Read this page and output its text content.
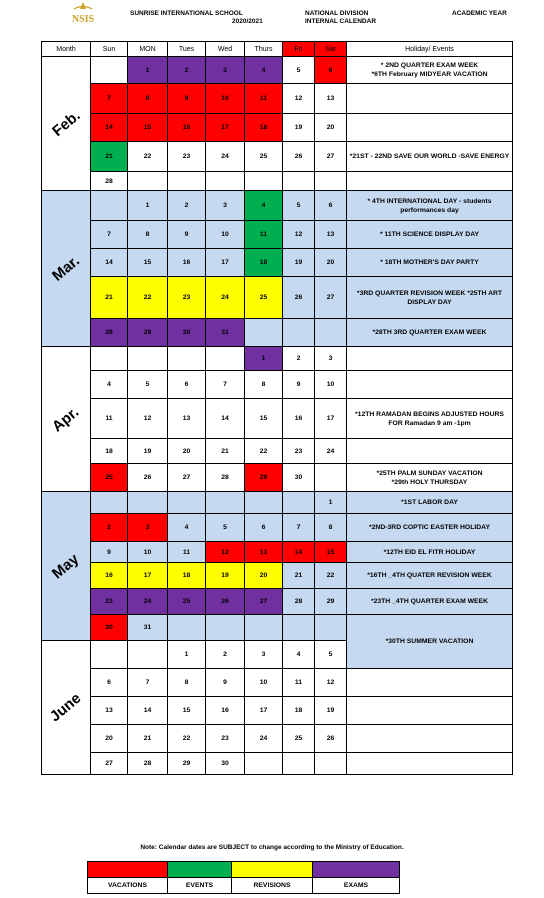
NSIS
SUNRISE INTERNATIONAL SCHOOL
2020/2021
NATIONAL DIVISION
INTERNAL CALENDAR
ACADEMIC YEAR
Month	Sun	MON	Tues	Wed	Thurs	Fri	Sat	Holiday/ Events
Feb.		1	2	3	4	5	6	* 2ND QUARTER EXAM WEEK
*6TH February MIDYEAR VACATION
	7	8	9	10	11	12	13	
	14	15	16	17	18	19	20	
	21	22	23	24	25	26	27	*21ST - 22ND SAVE OUR WORLD -SAVE ENERGY
	28							
Mar.		1	2	3	4	5	6	* 4TH INTERNATIONAL DAY - students performances day
	7	8	9	10	11	12	13	* 11TH SCIENCE DISPLAY DAY
	14	15	16	17	18	19	20	* 18TH MOTHER'S DAY PARTY
	21	22	23	24	25	26	27	*3RD QUARTER REVISION WEEK *25TH ART DISPLAY DAY
	28	29	30	31				*28TH 3RD QUARTER EXAM WEEK
Apr.					1	2	3	
	4	5	6	7	8	9	10	
	11	12	13	14	15	16	17	*12TH RAMADAN BEGINS ADJUSTED HOURS FOR Ramadan 9 am -1pm
	18	19	20	21	22	23	24	
	25	26	27	28	29	30		*25TH PALM SUNDAY VACATION
*29th HOLY THURSDAY
May							1	*1ST LABOR DAY
	2	3	4	5	6	7	8	*2ND-3RD COPTIC EASTER HOLIDAY
	9	10	11	12	13	14	15	*12TH EID EL FITR HOLIDAY
	16	17	18	19	20	21	22	*16TH _4TH QUATER REVISION WEEK
	23	24	25	26	27	28	29	*23TH _4TH QUARTER EXAM WEEK
	30	31						*30TH SUMMER VACATION
June			1	2	3	4	5	
	6	7	8	9	10	11	12	
	13	14	15	16	17	18	19	
	20	21	22	23	24	25	26	
	27	28	29	30				
Note: Calendar dates are SUBJECT to change according to the Ministry of Education.

VACATIONS	EVENTS	REVISIONS	EXAMS
